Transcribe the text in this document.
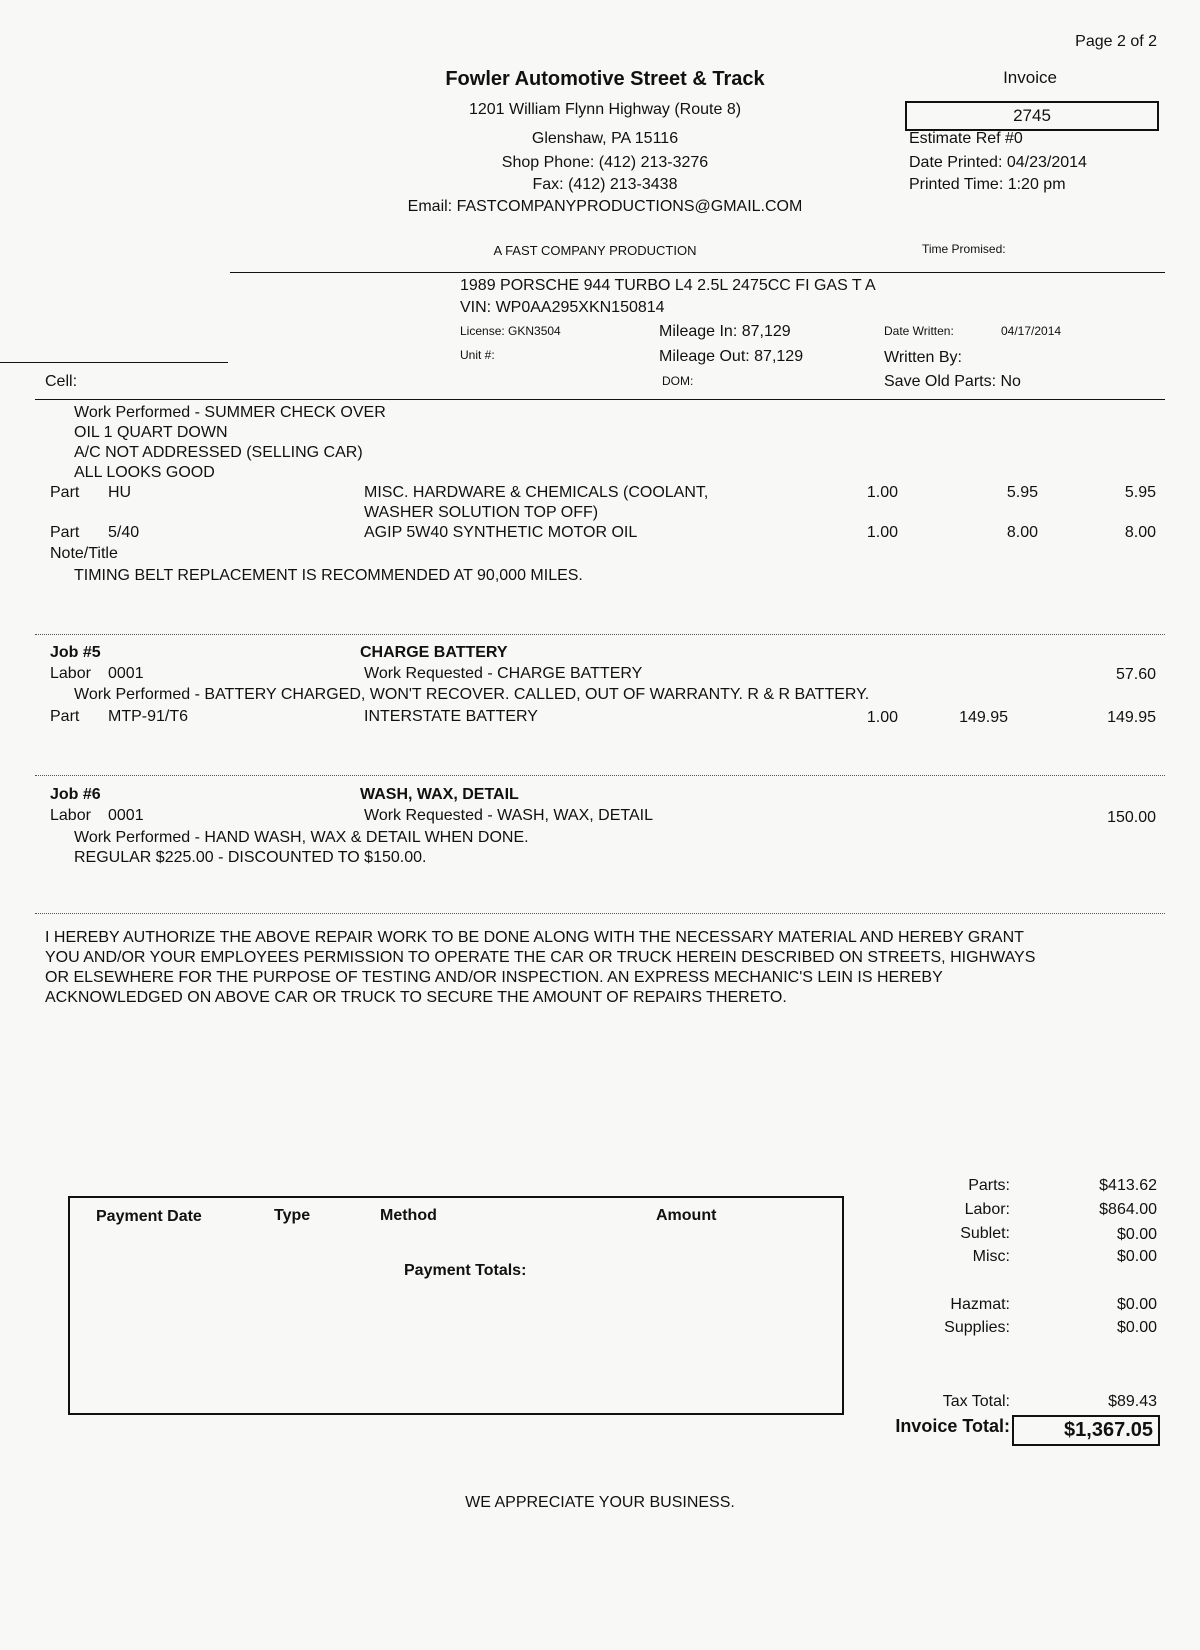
Page 2 of 2
Invoice
2745
Estimate Ref #0
Date Printed: 04/23/2014
Printed Time: 1:20 pm
Fowler Automotive Street & Track
1201 William Flynn Highway (Route 8)
Glenshaw, PA 15116
Shop Phone: (412) 213-3276
Fax: (412) 213-3438
Email: FASTCOMPANYPRODUCTIONS@GMAIL.COM
A FAST COMPANY PRODUCTION	Time Promised:
1989 PORSCHE 944 TURBO L4 2.5L 2475CC FI GAS T A
VIN: WP0AA295XKN150814
License: GKN3504
Unit #:
Mileage In: 87,129
Mileage Out: 87,129
DOM:
Date Written:	04/17/2014
Written By:
Save Old Parts: No
Cell:
Work Performed - SUMMER CHECK OVER
OIL 1 QUART DOWN
A/C NOT ADDRESSED (SELLING CAR)
ALL LOOKS GOOD
Part HU	MISC. HARDWARE & CHEMICALS (COOLANT,
WASHER SOLUTION TOP OFF)
1.00	5.95	5.95
Part 5/40	AGIP 5W40 SYNTHETIC MOTOR OIL	1.00	8.00	8.00
Note/Title
TIMING BELT REPLACEMENT IS RECOMMENDED AT 90,000 MILES.
Job #5	CHARGE BATTERY
Labor 0001	Work Requested - CHARGE BATTERY	57.60
Work Performed - BATTERY CHARGED, WON'T RECOVER. CALLED, OUT OF WARRANTY. R & R BATTERY.
Part MTP-91/T6	INTERSTATE BATTERY	1.00	149.95	149.95
Job #6	WASH, WAX, DETAIL
Labor 0001	Work Requested - WASH, WAX, DETAIL	150.00
Work Performed - HAND WASH, WAX & DETAIL WHEN DONE.
REGULAR $225.00 - DISCOUNTED TO $150.00.
I HEREBY AUTHORIZE THE ABOVE REPAIR WORK TO BE DONE ALONG WITH THE NECESSARY MATERIAL AND HEREBY GRANT
YOU AND/OR YOUR EMPLOYEES PERMISSION TO OPERATE THE CAR OR TRUCK HEREIN DESCRIBED ON STREETS, HIGHWAYS
OR ELSEWHERE FOR THE PURPOSE OF TESTING AND/OR INSPECTION. AN EXPRESS MECHANIC'S LEIN IS HEREBY
ACKNOWLEDGED ON ABOVE CAR OR TRUCK TO SECURE THE AMOUNT OF REPAIRS THERETO.
Payment Date	Type	Method	Amount
Payment Totals:
Parts:	$413.62
Labor:	$864.00
Sublet:	$0.00
Misc:	$0.00
Hazmat:	$0.00
Supplies:	$0.00
Tax Total:	$89.43
Invoice Total:	$1,367.05
WE APPRECIATE YOUR BUSINESS.
